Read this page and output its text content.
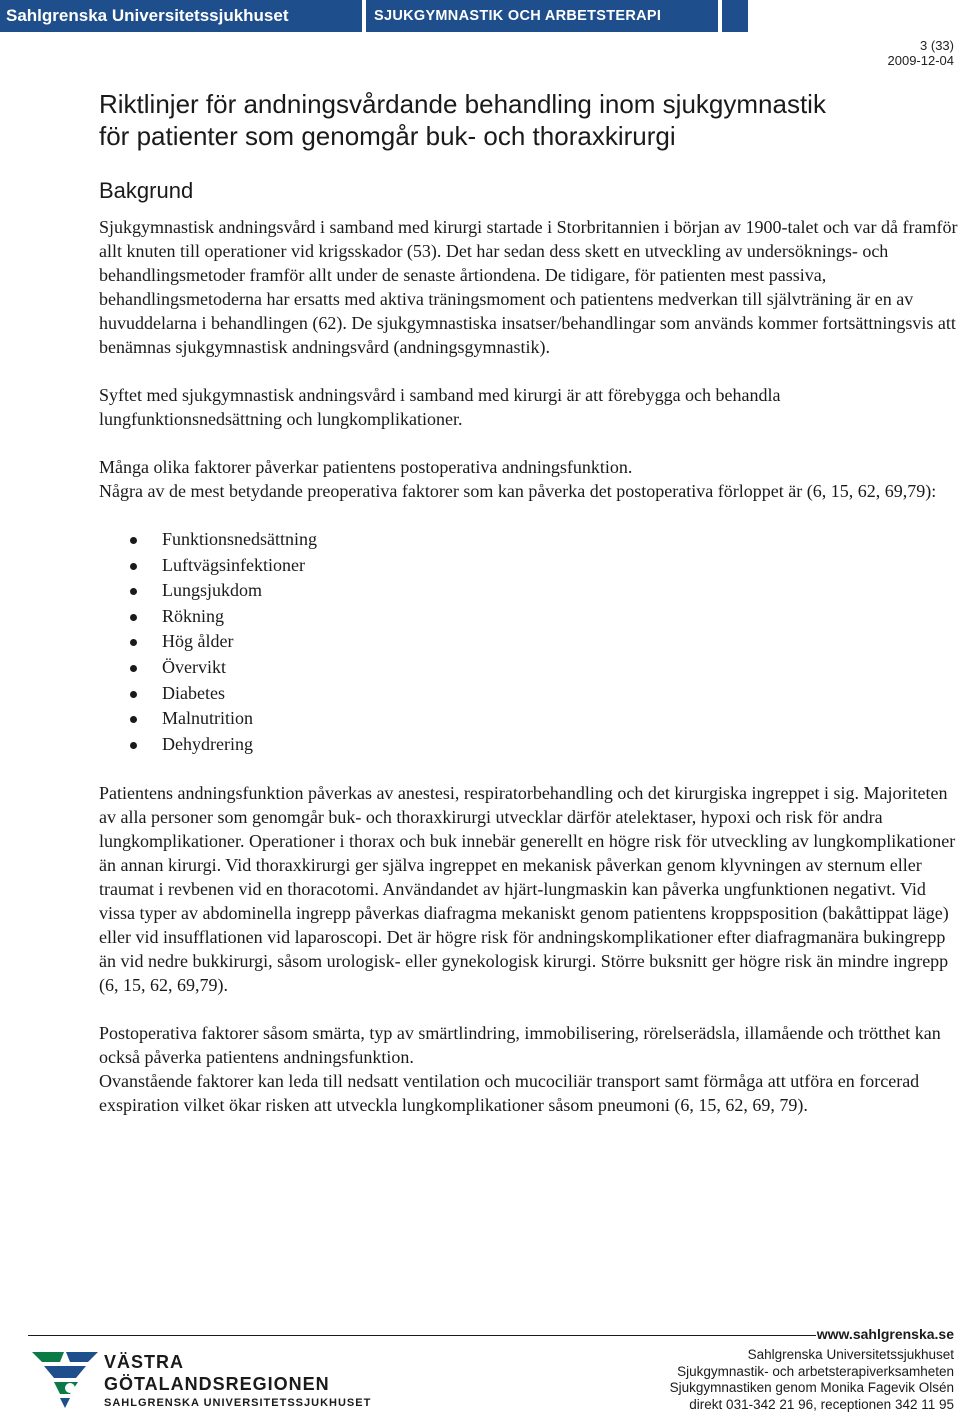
Sahlgrenska Universitetssjukhuset	SJUKGYMNASTIK OCH ARBETSTERAPI
3 (33)
2009-12-04
Riktlinjer för andningsvårdande behandling inom sjukgymnastik
för patienter som genomgår buk- och thoraxkirurgi
Bakgrund

Sjukgymnastisk andningsvård i samband med kirurgi startade i Storbritannien i början av 1900-talet och var då framför allt knuten till operationer vid krigsskador (53). Det har sedan dess skett en utveckling av undersöknings- och behandlingsmetoder framför allt under de senaste årtiondena. De tidigare, för patienten mest passiva, behandlingsmetoderna har ersatts med aktiva träningsmoment och patientens medverkan till självträning är en av huvuddelarna i behandlingen (62). De sjukgymnastiska insatser/behandlingar som används kommer fortsättningsvis att benämnas sjukgymnastisk andningsvård (andningsgymnastik).

Syftet med sjukgymnastisk andningsvård i samband med kirurgi är att förebygga och behandla lungfunktionsnedsättning och lungkomplikationer.

Många olika faktorer påverkar patientens postoperativa andningsfunktion.

Några av de mest betydande preoperativa faktorer som kan påverka det postoperativa förloppet är (6, 15, 62, 69,79):

Funktionsnedsättning
Luftvägsinfektioner
Lungsjukdom
Rökning
Hög ålder
Övervikt
Diabetes
Malnutrition
Dehydrering

Patientens andningsfunktion påverkas av anestesi, respiratorbehandling och det kirurgiska ingreppet i sig. Majoriteten av alla personer som genomgår buk- och thoraxkirurgi utvecklar därför atelektaser, hypoxi och risk för andra lungkomplikationer. Operationer i thorax och buk innebär generellt en högre risk för utveckling av lungkomplikationer än annan kirurgi. Vid thoraxkirurgi ger själva ingreppet en mekanisk påverkan genom klyvningen av sternum eller traumat i revbenen vid en thoracotomi. Användandet av hjärt-lungmaskin kan påverka ungfunktionen negativt. Vid vissa typer av abdominella ingrepp påverkas diafragma mekaniskt genom patientens kroppsposition (bakåttippat läge) eller vid insufflationen vid laparoscopi. Det är högre risk för andningskomplikationer efter diafragmanära bukingrepp än vid nedre bukkirurgi, såsom urologisk- eller gynekologisk kirurgi. Större buksnitt ger högre risk än mindre ingrepp (6, 15, 62, 69,79).

Postoperativa faktorer såsom smärta, typ av smärtlindring, immobilisering, rörelserädsla, illamående och trötthet kan också påverka patientens andningsfunktion.

Ovanstående faktorer kan leda till nedsatt ventilation och mucociliär transport samt förmåga att utföra en forcerad exspiration vilket ökar risken att utveckla lungkomplikationer såsom pneumoni (6, 15, 62, 69, 79).

www.sahlgrenska.se
VÄSTRA
GÖTALANDSREGIONEN
SAHLGRENSKA UNIVERSITETSSJUKHUSET
Sahlgrenska Universitetssjukhuset
Sjukgymnastik- och arbetsterapiverksamheten
Sjukgymnastiken genom Monika Fagevik Olsén
direkt 031-342 21 96, receptionen 342 11 95
